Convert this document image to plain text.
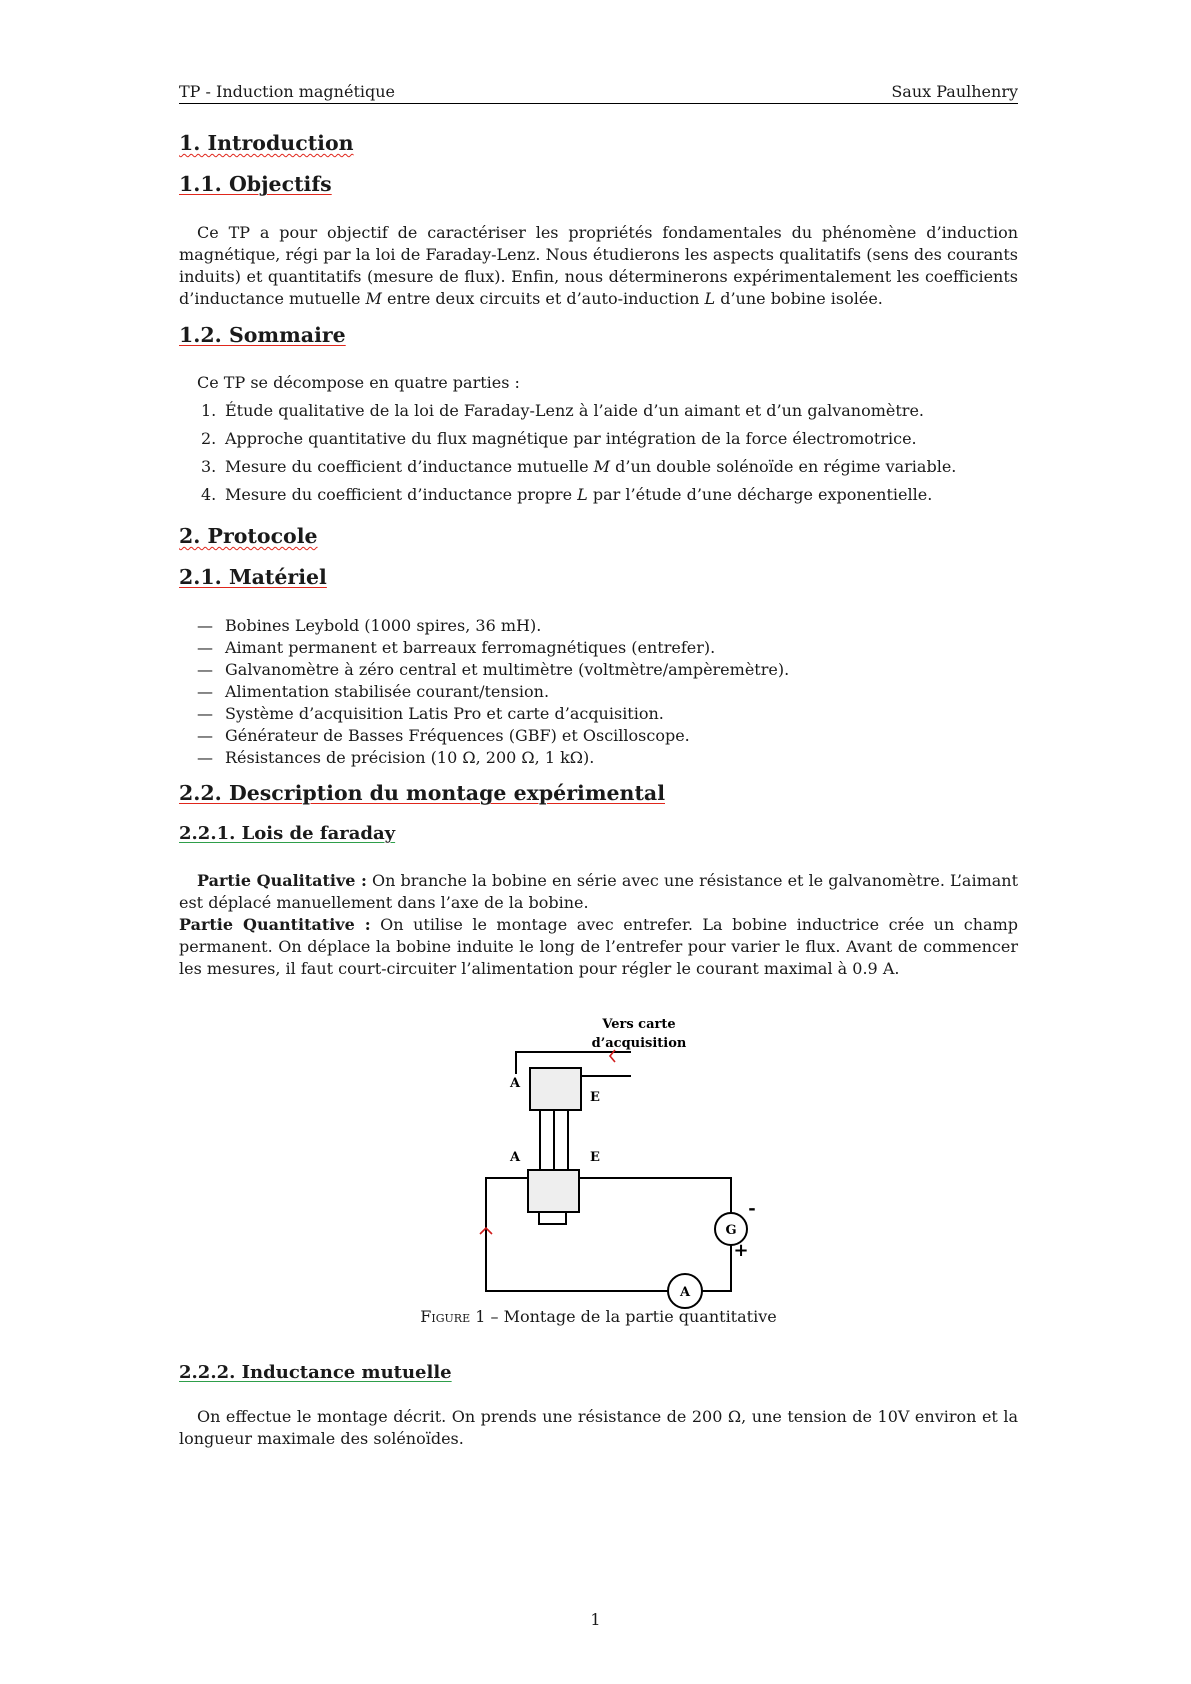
TP - Induction magnétique	Saux Paulhenry
1. Introduction
1.1. Objectifs

Ce TP a pour objectif de caractériser les propriétés fondamentales du phénomène d’induction magnétique, régi par la loi de Faraday-Lenz. Nous étudierons les aspects qualitatifs (sens des courants induits) et quantitatifs (mesure de flux). Enfin, nous déterminerons expérimentalement les coefficients d’inductance mutuelle M entre deux circuits et d’auto-induction L d’une bobine isolée.

1.2. Sommaire

Ce TP se décompose en quatre parties :

1. Étude qualitative de la loi de Faraday-Lenz à l’aide d’un aimant et d’un galvanomètre.
2. Approche quantitative du flux magnétique par intégration de la force électromotrice.
3. Mesure du coefficient d’inductance mutuelle M d’un double solénoïde en régime variable.
4. Mesure du coefficient d’inductance propre L par l’étude d’une décharge exponentielle.
2. Protocole
2.1. Matériel
— Bobines Leybold (1000 spires, 36 mH).
— Aimant permanent et barreaux ferromagnétiques (entrefer).
— Galvanomètre à zéro central et multimètre (voltmètre/ampèremètre).
— Alimentation stabilisée courant/tension.
— Système d’acquisition Latis Pro et carte d’acquisition.
— Générateur de Basses Fréquences (GBF) et Oscilloscope.
— Résistances de précision (10 Ω, 200 Ω, 1 kΩ).
2.2. Description du montage expérimental
2.2.1. Lois de faraday

Partie Qualitative : On branche la bobine en série avec une résistance et le galvanomètre. L’aimant est déplacé manuellement dans l’axe de la bobine.

Partie Quantitative : On utilise le montage avec entrefer. La bobine inductrice crée un champ permanent. On déplace la bobine induite le long de l’entrefer pour varier le flux. Avant de commencer les mesures, il faut court-circuiter l’alimentation pour régler le courant maximal à 0.9 A.

Vers carte
d’acquisition
A
E
A	E
G
A
-
+

Figure 1 – Montage de la partie quantitative

2.2.2. Inductance mutuelle

On effectue le montage décrit. On prends une résistance de 200 Ω, une tension de 10V environ et la longueur maximale des solénoïdes.

1
